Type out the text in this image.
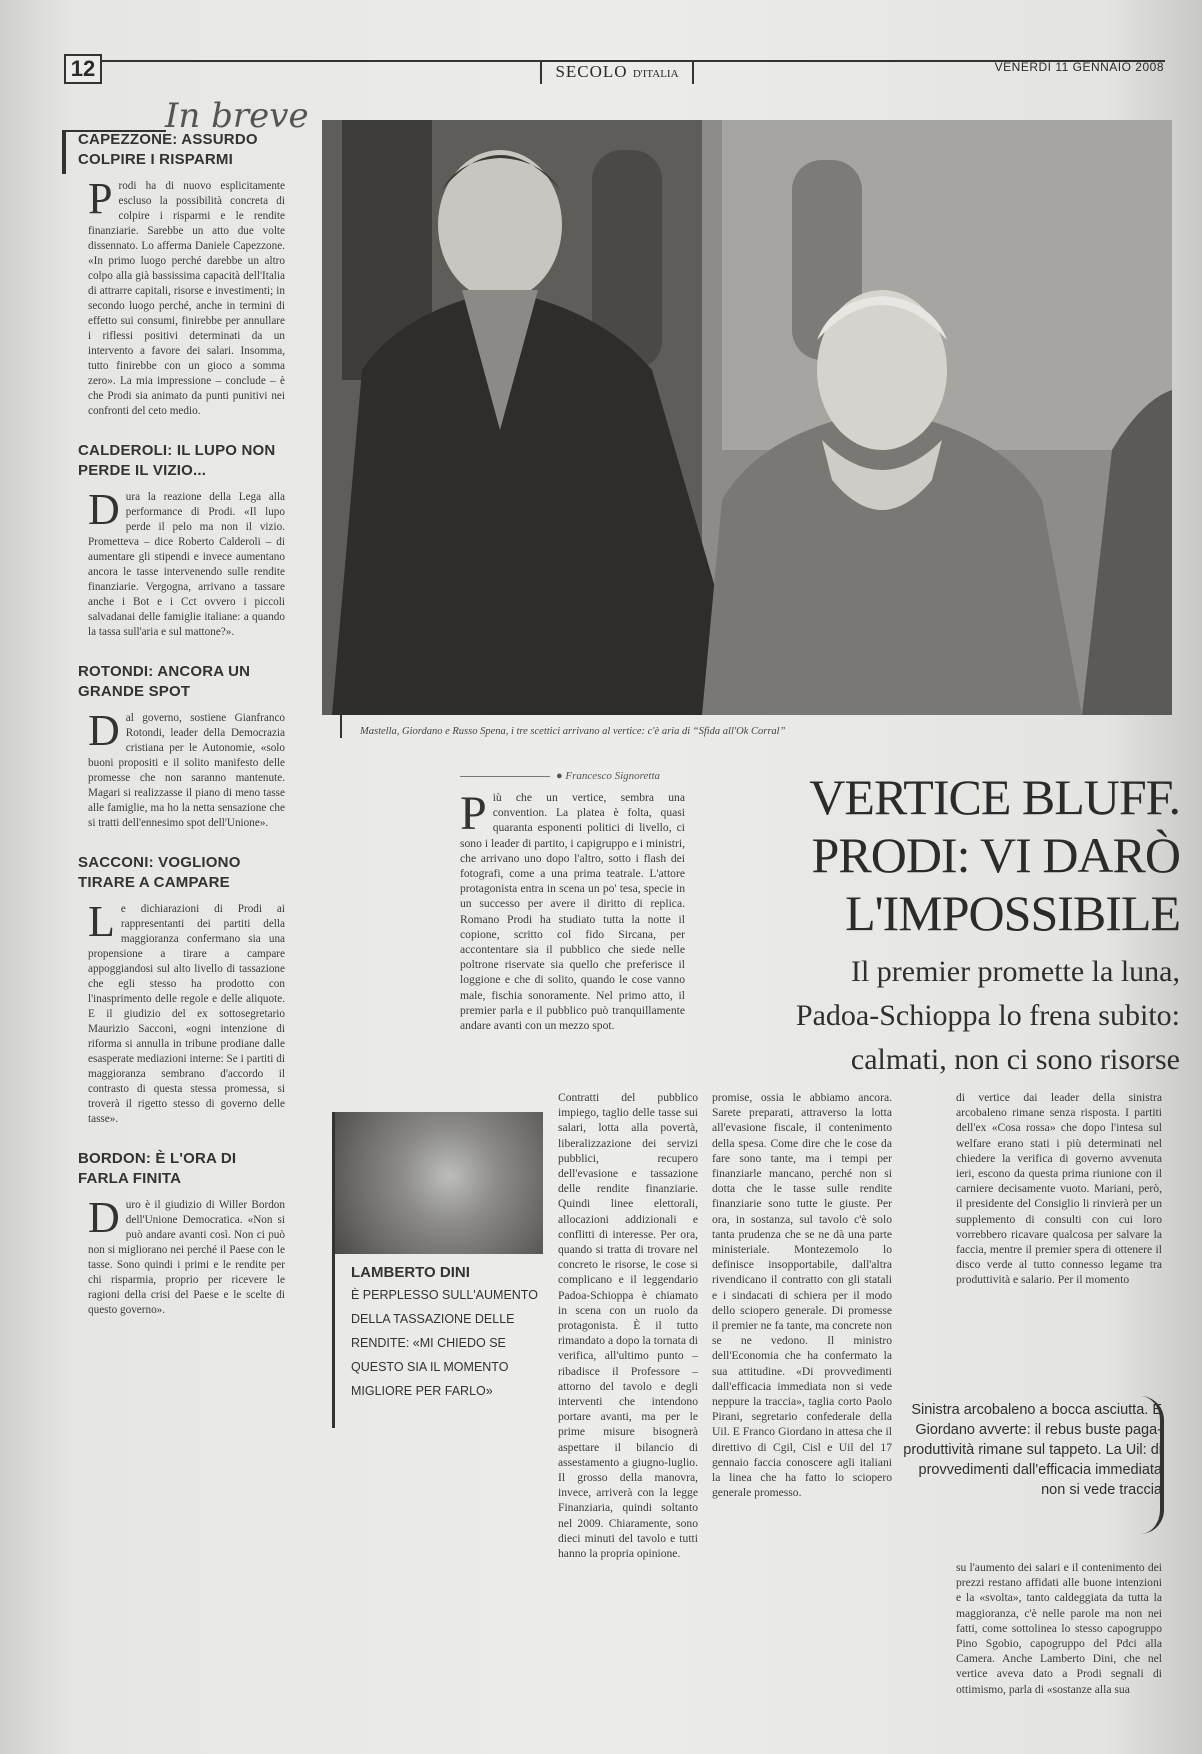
12	SECOLO D'ITALIA	VENERDÌ 11 GENNAIO 2008
In breve
CAPEZZONE: ASSURDO COLPIRE I RISPARMI

Prodi ha di nuovo esplicitamente escluso la possibilità concreta di colpire i risparmi e le rendite finanziarie. Sarebbe un atto due volte dissennato. Lo afferma Daniele Capezzone. «In primo luogo perché darebbe un altro colpo alla già bassissima capacità dell'Italia di attrarre capitali, risorse e investimenti; in secondo luogo perché, anche in termini di effetto sui consumi, finirebbe per annullare i riflessi positivi determinati da un intervento a favore dei salari. Insomma, tutto finirebbe con un gioco a somma zero». La mia impressione – conclude – è che Prodi sia animato da punti punitivi nei confronti del ceto medio.

CALDEROLI: IL LUPO NON PERDE IL VIZIO...

Dura la reazione della Lega alla performance di Prodi. «Il lupo perde il pelo ma non il vizio. Prometteva – dice Roberto Calderoli – di aumentare gli stipendi e invece aumentano ancora le tasse intervenendo sulle rendite finanziarie. Vergogna, arrivano a tassare anche i Bot e i Cct ovvero i piccoli salvadanai delle famiglie italiane: a quando la tassa sull'aria e sul mattone?».

ROTONDI: ANCORA UN GRANDE SPOT

Dal governo, sostiene Gianfranco Rotondi, leader della Democrazia cristiana per le Autonomie, «solo buoni propositi e il solito manifesto delle promesse che non saranno mantenute. Magari si realizzasse il piano di meno tasse alle famiglie, ma ho la netta sensazione che si tratti dell'ennesimo spot dell'Unione».

SACCONI: VOGLIONO TIRARE A CAMPARE

Le dichiarazioni di Prodi ai rappresentanti dei partiti della maggioranza confermano sia una propensione a tirare a campare appoggiandosi sul alto livello di tassazione che egli stesso ha prodotto con l'inasprimento delle regole e delle aliquote. E il giudizio del ex sottosegretario Maurizio Sacconi, «ogni intenzione di riforma si annulla in tribune prodiane dalle esasperate mediazioni interne: Se i partiti di maggioranza sembrano d'accordo il contrasto di questa stessa promessa, si troverà il rigetto stesso di governo delle tasse».

BORDON: È L'ORA DI FARLA FINITA

Duro è il giudizio di Willer Bordon dell'Unione Democratica. «Non si può andare avanti così. Non ci può non si migliorano nei perché il Paese con le tasse. Sono quindi i primi e le rendite per chi risparmia, proprio per ricevere le ragioni della crisi del Paese e le scelte di questo governo».

Mastella, Giordano e Russo Spena, i tre scettici arrivano al vertice: c'è aria di “Sfida all'Ok Corral”
● Francesco Signoretta	VERTICE BLUFF.
PRODI: VI DARÒ
L'IMPOSSIBILE
Il premier promette la luna,
Padoa-Schioppa lo frena subito:
calmati, non ci sono risorse
Più che un vertice, sembra una convention. La platea è folta, quasi quaranta esponenti politici di livello, ci sono i leader di partito, i capigruppo e i ministri, che arrivano uno dopo l'altro, sotto i flash dei fotografi, come a una prima teatrale. L'attore protagonista entra in scena un po' tesa, specie in un successo per avere il diritto di replica. Romano Prodi ha studiato tutta la notte il copione, scritto col fido Sircana, per accontentare sia il pubblico che siede nelle poltrone riservate sia quello che preferisce il loggione e che di solito, quando le cose vanno male, fischia sonoramente. Nel primo atto, il premier parla e il pubblico può tranquillamente andare avanti con un mezzo spot.
Contratti del pubblico impiego, taglio delle tasse sui salari, lotta alla povertà, liberalizzazione dei servizi pubblici, recupero dell'evasione e tassazione delle rendite finanziarie. Quindi linee elettorali, allocazioni addizionali e conflitti di interesse. Per ora, quando si tratta di trovare nel concreto le risorse, le cose si complicano e il leggendario Padoa-Schioppa è chiamato in scena con un ruolo da protagonista. È il tutto rimandato a dopo la tornata di verifica, all'ultimo punto – ribadisce il Professore – attorno del tavolo e degli interventi che intendono portare avanti, ma per le prime misure bisognerà aspettare il bilancio di assestamento a giugno-luglio. Il grosso della manovra, invece, arriverà con la legge Finanziaria, quindi soltanto nel 2009. Chiaramente, sono dieci minuti del tavolo e tutti hanno la propria opinione.
promise, ossia le abbiamo ancora. Sarete preparati, attraverso la lotta all'evasione fiscale, il contenimento della spesa. Come dire che le cose da fare sono tante, ma i tempi per finanziarle mancano, perché non si dotta che le tasse sulle rendite finanziarie sono tutte le giuste. Per ora, in sostanza, sul tavolo c'è solo tanta prudenza che se ne dà una parte ministeriale. Montezemolo lo definisce insopportabile, dall'altra rivendicano il contratto con gli statali e i sindacati di schiera per il modo dello sciopero generale. Di promesse il premier ne fa tante, ma concrete non se ne vedono. Il ministro dell'Economia che ha confermato la sua attitudine. «Di provvedimenti dall'efficacia immediata non si vede neppure la traccia», taglia corto Paolo Pirani, segretario confederale della Uil. E Franco Giordano in attesa che il direttivo di Cgil, Cisl e Uil del 17 gennaio faccia conoscere agli italiani la linea che ha fatto lo sciopero generale promesso.
di vertice dai leader della sinistra arcobaleno rimane senza risposta. I partiti dell'ex «Cosa rossa» che dopo l'intesa sul welfare erano stati i più determinati nel chiedere la verifica di governo avvenuta ieri, escono da questa prima riunione con il carniere decisamente vuoto. Mariani, però, il presidente del Consiglio li rinvierà per un supplemento di consulti con cui loro vorrebbero ricavare qualcosa per salvare la faccia, mentre il premier spera di ottenere il disco verde al tutto connesso legame tra produttività e salario. Per il momento
su l'aumento dei salari e il contenimento dei prezzi restano affidati alle buone intenzioni e la «svolta», tanto caldeggiata da tutta la maggioranza, c'è nelle parole ma non nei fatti, come sottolinea lo stesso capogruppo Pino Sgobio, capogruppo del Pdci alla Camera. Anche Lamberto Dini, che nel vertice aveva dato a Prodi segnali di ottimismo, parla di «sostanze alla sua
LAMBERTO DINI
È PERPLESSO SULL'AUMENTO DELLA TASSAZIONE DELLE RENDITE: «MI CHIEDO SE QUESTO SIA IL MOMENTO MIGLIORE PER FARLO»
Sinistra arcobaleno a bocca asciutta. E Giordano avverte: il rebus buste paga-produttività rimane sul tappeto. La Uil: di provvedimenti dall'efficacia immediata non si vede traccia
